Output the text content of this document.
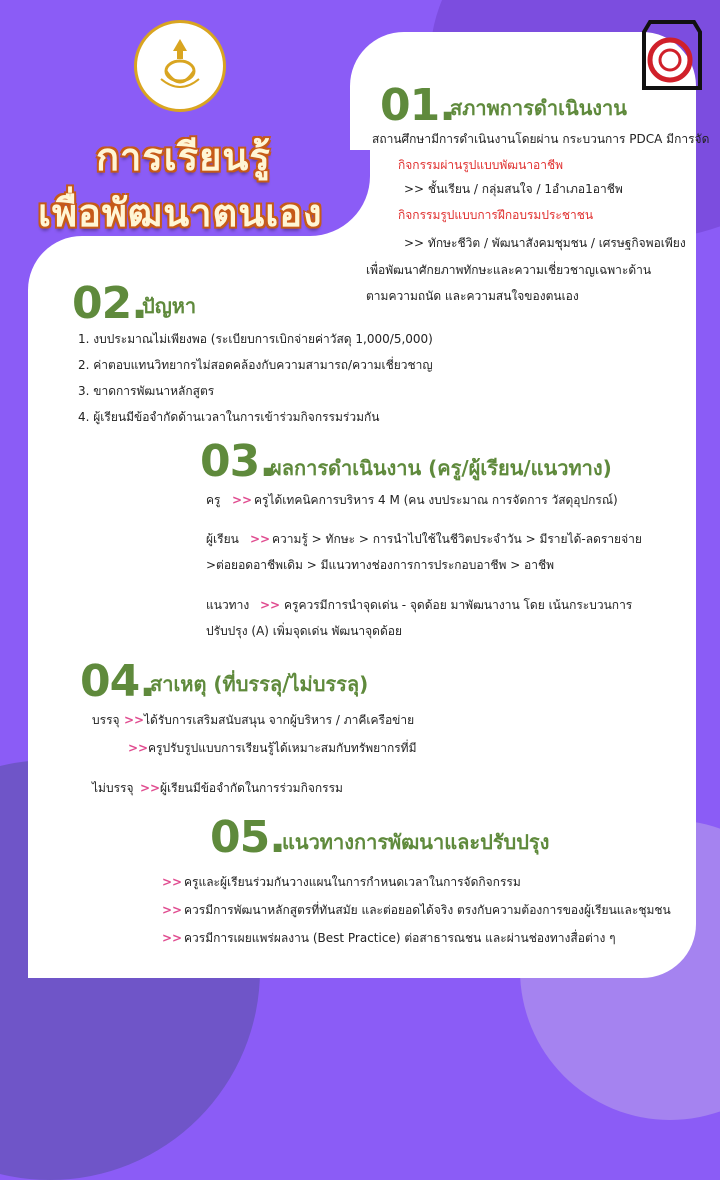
การเรียนรู้
เพื่อพัฒนาตนเอง
01.
สภาพการดำเนินงาน
สถานศึกษามีการดำเนินงานโดยผ่าน กระบวนการ PDCA มีการจัด
กิจกรรมผ่านรูปแบบพัฒนาอาชีพ
>> ชั้นเรียน / กลุ่มสนใจ / 1อำเภอ1อาชีพ
กิจกรรมรูปแบบการฝึกอบรมประชาชน
>> ทักษะชีวิต / พัฒนาสังคมชุมชน / เศรษฐกิจพอเพียง
เพื่อพัฒนาศักยภาพทักษะและความเชี่ยวชาญเฉพาะด้าน
ตามความถนัด และความสนใจของตนเอง
02.
ปัญหา
1. งบประมาณไม่เพียงพอ (ระเบียบการเบิกจ่ายค่าวัสดุ 1,000/5,000)
2. ค่าตอบแทนวิทยากรไม่สอดคล้องกับความสามารถ/ความเชี่ยวชาญ
3. ขาดการพัฒนาหลักสูตร
4. ผู้เรียนมีข้อจำกัดด้านเวลาในการเข้าร่วมกิจกรรมร่วมกัน
03.
ผลการดำเนินงาน (ครู/ผู้เรียน/แนวทาง)
ครู >> ครูได้เทคนิคการบริหาร 4 M (คน งบประมาณ การจัดการ วัสดุอุปกรณ์)
ผู้เรียน >> ความรู้ > ทักษะ > การนำไปใช้ในชีวิตประจำวัน > มีรายได้-ลดรายจ่าย
>ต่อยอดอาชีพเดิม > มีแนวทางช่องการการประกอบอาชีพ > อาชีพ
แนวทาง >> ครูควรมีการนำจุดเด่น - จุดด้อย มาพัฒนางาน โดย เน้นกระบวนการ
ปรับปรุง (A) เพิ่มจุดเด่น พัฒนาจุดด้อย
04.
สาเหตุ (ที่บรรลุ/ไม่บรรลุ)
บรรจุ >> ได้รับการเสริมสนับสนุน จากผู้บริหาร / ภาคีเครือข่าย
>> ครูปรับรูปแบบการเรียนรู้ได้เหมาะสมกับทรัพยากรที่มี
ไม่บรรจุ >> ผู้เรียนมีข้อจำกัดในการร่วมกิจกรรม
05.
แนวทางการพัฒนาและปรับปรุง
>> ครูและผู้เรียนร่วมกันวางแผนในการกำหนดเวลาในการจัดกิจกรรม
>> ควรมีการพัฒนาหลักสูตรที่ทันสมัย และต่อยอดได้จริง ตรงกับความต้องการของผู้เรียนและชุมชน
>> ควรมีการเผยแพร่ผลงาน (Best Practice) ต่อสาธารณชน และผ่านช่องทางสื่อต่าง ๆ
